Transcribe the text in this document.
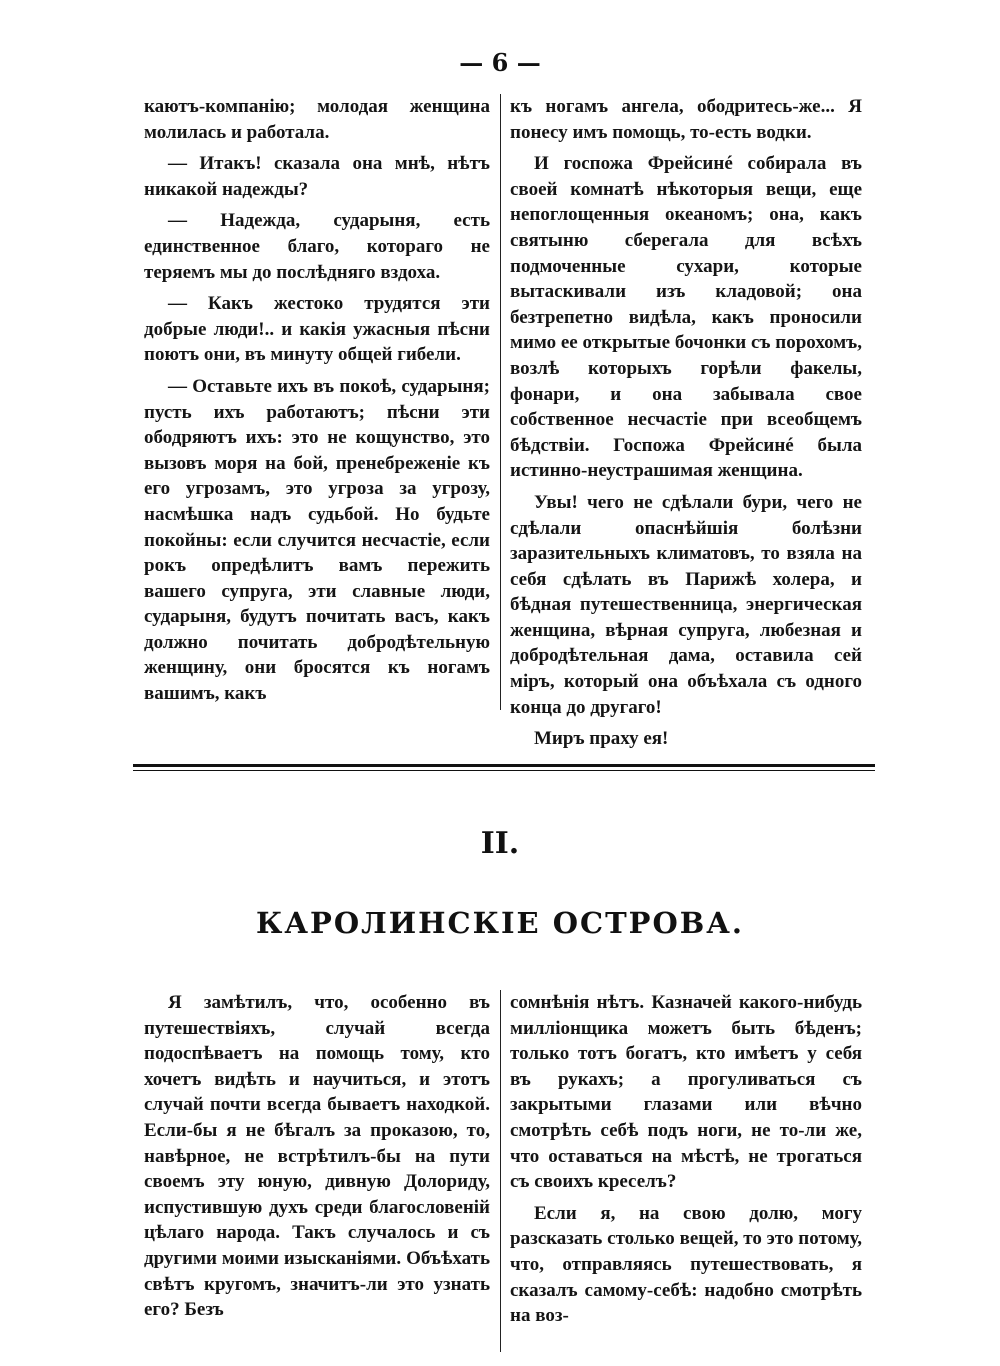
— 6 —

каютъ-компанію; молодая женщина молилась и работала.

— Итакъ! сказала она мнѣ, нѣтъ никакой надежды?

— Надежда, сударыня, есть единственное благо, котораго не теряемъ мы до послѣдняго вздоха.

— Какъ жестоко трудятся эти добрые люди!.. и какія ужасныя пѣсни поютъ они, въ минуту общей гибели.

— Оставьте ихъ въ покоѣ, сударыня; пусть ихъ работаютъ; пѣсни эти ободряютъ ихъ: это не кощунство, это вызовъ моря на бой, пренебреженіе къ его угрозамъ, это угроза за угрозу, насмѣшка надъ судьбой. Но будьте покойны: если случится несчастіе, если рокъ опредѣлитъ вамъ пережить вашего супруга, эти славные люди, сударыня, будутъ почитать васъ, какъ должно почитать добродѣтельную женщину, они бросятся къ ногамъ вашимъ, какъ

къ ногамъ ангела, ободритесь-же... Я понесу имъ помощь, то-есть водки.

И госпожа Фрейсинé собирала въ своей комнатѣ нѣкоторыя вещи, еще непоглощенныя океаномъ; она, какъ святыню сберегала для всѣхъ подмоченные сухари, которые вытаскивали изъ кладовой; она безтрепетно видѣла, какъ проносили мимо ее открытые бочонки съ порохомъ, возлѣ которыхъ горѣли факелы, фонари, и она забывала свое собственное несчастіе при всеобщемъ бѣдствіи. Госпожа Фрейсинé была истинно-неустрашимая женщина.

Увы! чего не сдѣлали бури, чего не сдѣлали опаснѣйшія болѣзни заразительныхъ климатовъ, то взяла на себя сдѣлать въ Парижѣ холера, и бѣдная путешественница, энергическая женщина, вѣрная супруга, любезная и добродѣтельная дама, оставила сей міръ, который она объѣхала съ одного конца до другаго!

Миръ праху ея!

II.
КАРОЛИНСКІЕ ОСТРОВА.

Я замѣтилъ, что, особенно въ путешествіяхъ, случай всегда подоспѣваетъ на помощь тому, кто хочетъ видѣть и научиться, и этотъ случай почти всегда бываетъ находкой. Если-бы я не бѣгалъ за проказою, то, навѣрное, не встрѣтилъ-бы на пути своемъ эту юную, дивную Долориду, испустившую духъ среди благословеній цѣлаго народа. Такъ случалось и съ другими моими изысканіями. Объѣхать свѣтъ кругомъ, значитъ-ли это узнать его? Безъ

сомнѣнія нѣтъ. Казначей какого-нибудь милліонщика можетъ быть бѣденъ; только тотъ богатъ, кто имѣетъ у себя въ рукахъ; а прогуливаться съ закрытыми глазами или вѣчно смотрѣть себѣ подъ ноги, не то-ли же, что оставаться на мѣстѣ, не трогаться съ своихъ креселъ?

Если я, на свою долю, могу разсказать столько вещей, то это потому, что, отправляясь путешествовать, я сказалъ самому-себѣ: надобно смотрѣть на воз-
